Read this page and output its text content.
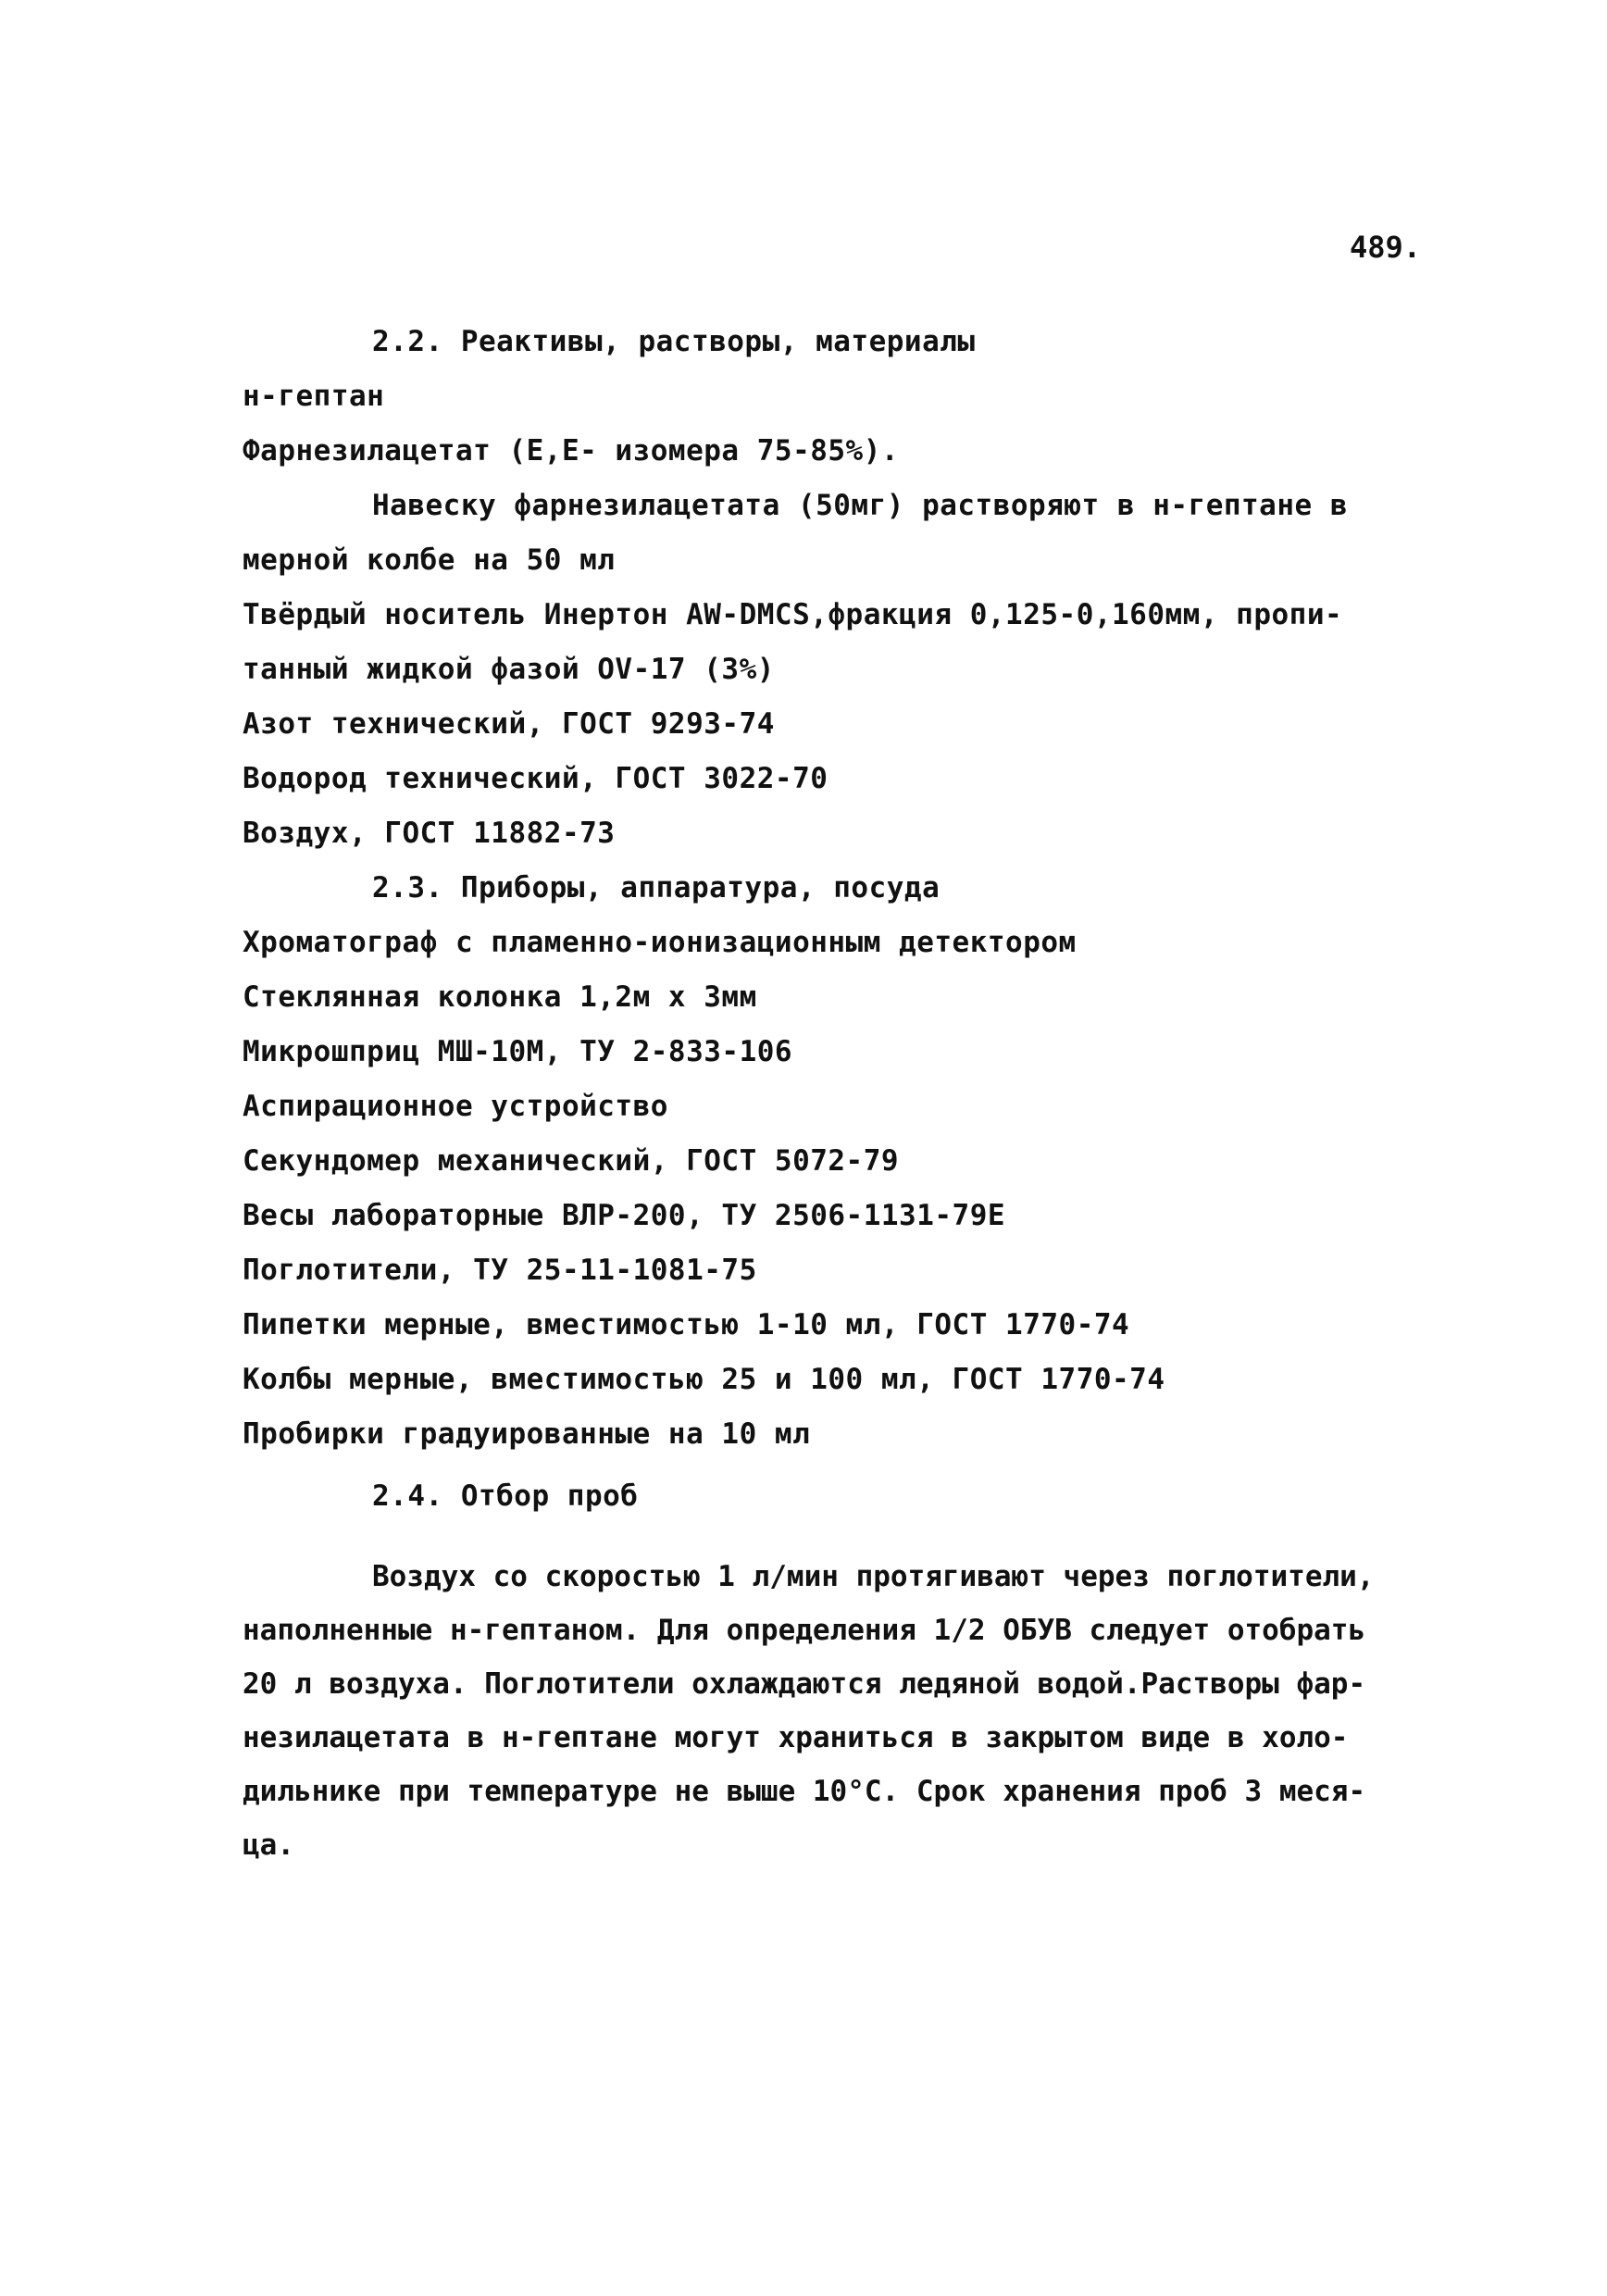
489.
2.2. Реактивы, растворы, материалы
н-гептан
Фарнезилацетат (Е,Е- изомера 75-85%).
Навеску фарнезилацетата (50мг) растворяют в н-гептане в
мерной колбе на 50 мл
Твёрдый носитель Инертон AW-DMCS,фракция 0,125-0,160мм, пропи-
танный жидкой фазой OV-17 (3%)
Азот технический, ГОСТ 9293-74
Водород технический, ГОСТ 3022-70
Воздух, ГОСТ 11882-73
2.3. Приборы, аппаратура, посуда
Хроматограф с пламенно-ионизационным детектором
Стеклянная колонка 1,2м х 3мм
Микрошприц МШ-10М, ТУ 2-833-106
Аспирационное устройство
Секундомер механический, ГОСТ 5072-79
Весы лабораторные ВЛР-200, ТУ 2506-1131-79Е
Поглотители, ТУ 25-11-1081-75
Пипетки мерные, вместимостью 1-10 мл, ГОСТ 1770-74
Колбы мерные, вместимостью 25 и 100 мл, ГОСТ 1770-74
Пробирки градуированные на 10 мл
2.4. Отбор проб
Воздух со скоростью 1 л/мин протягивают через поглотители,
наполненные н-гептаном. Для определения 1/2 ОБУВ следует отобрать
20 л воздуха. Поглотители охлаждаются ледяной водой.Растворы фар-
незилацетата в н-гептане могут храниться в закрытом виде в холо-
дильнике при температуре не выше 10°С. Срок хранения проб 3 меся-
ца.
